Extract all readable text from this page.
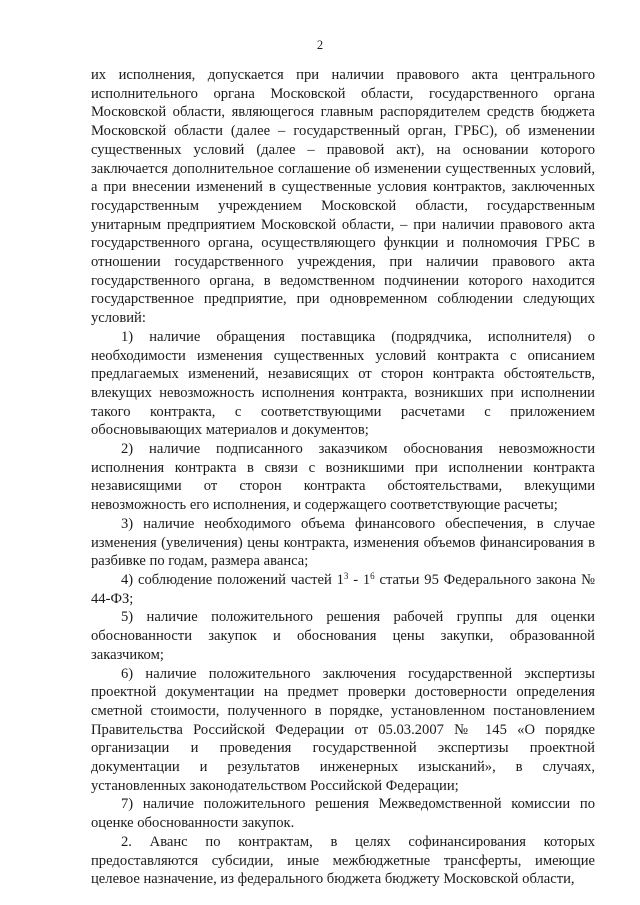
2

их исполнения, допускается при наличии правового акта центрального исполнительного органа Московской области, государственного органа Московской области, являющегося главным распорядителем средств бюджета Московской области (далее – государственный орган, ГРБС), об изменении существенных условий (далее – правовой акт), на основании которого заключается дополнительное соглашение об изменении существенных условий, а при внесении изменений в существенные условия контрактов, заключенных государственным учреждением Московской области, государственным унитарным предприятием Московской области, – при наличии правового акта государственного органа, осуществляющего функции и полномочия ГРБС в отношении государственного учреждения, при наличии правового акта государственного органа, в ведомственном подчинении которого находится государственное предприятие, при одновременном соблюдении следующих условий:

1) наличие обращения поставщика (подрядчика, исполнителя) о необходимости изменения существенных условий контракта с описанием предлагаемых изменений, независящих от сторон контракта обстоятельств, влекущих невозможность исполнения контракта, возникших при исполнении такого контракта, с соответствующими расчетами с приложением обосновывающих материалов и документов;

2) наличие подписанного заказчиком обоснования невозможности исполнения контракта в связи с возникшими при исполнении контракта независящими от сторон контракта обстоятельствами, влекущими невозможность его исполнения, и содержащего соответствующие расчеты;

3) наличие необходимого объема финансового обеспечения, в случае изменения (увеличения) цены контракта, изменения объемов финансирования в разбивке по годам, размера аванса;

4) соблюдение положений частей $1^3 - 1^6$ статьи 95 Федерального закона № 44-ФЗ;

5) наличие положительного решения рабочей группы для оценки обоснованности закупок и обоснования цены закупки, образованной заказчиком;

6) наличие положительного заключения государственной экспертизы проектной документации на предмет проверки достоверности определения сметной стоимости, полученного в порядке, установленном постановлением Правительства Российской Федерации от 05.03.2007 № 145 «О порядке организации и проведения государственной экспертизы проектной документации и результатов инженерных изысканий», в случаях, установленных законодательством Российской Федерации;

7) наличие положительного решения Межведомственной комиссии по оценке обоснованности закупок.

2. Аванс по контрактам, в целях софинансирования которых предоставляются субсидии, иные межбюджетные трансферты, имеющие целевое назначение, из федерального бюджета бюджету Московской области,
